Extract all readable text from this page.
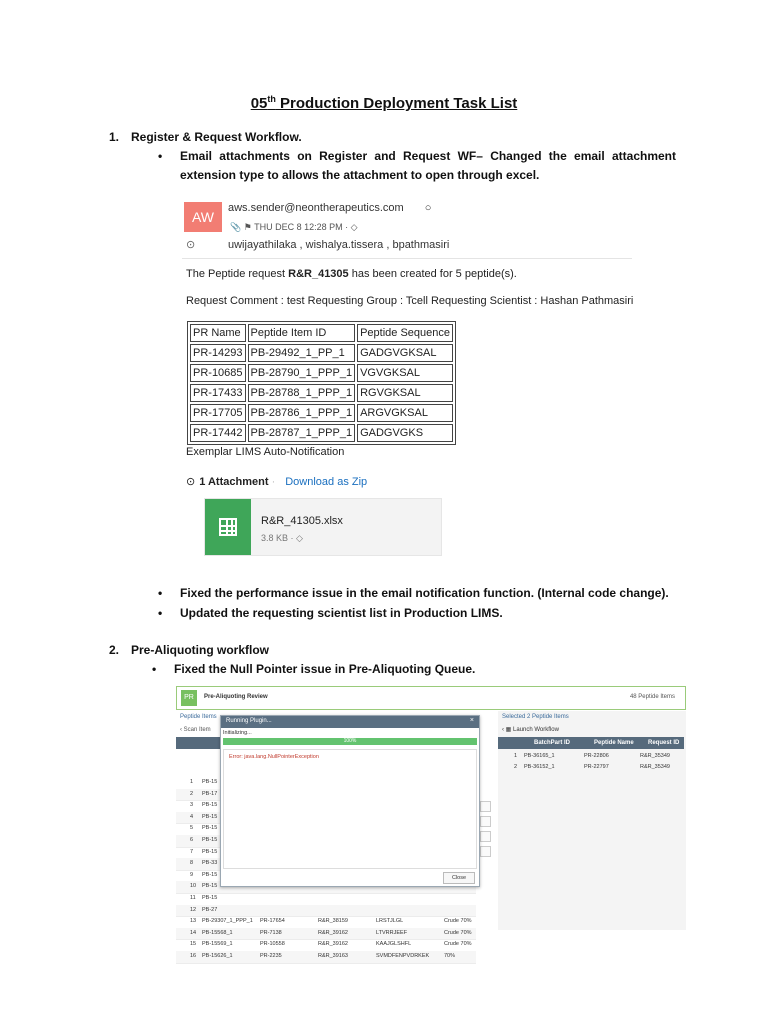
05th Production Deployment Task List
1. Register & Request Workflow.
• Email attachments on Register and Request WF– Changed the email attachment extension type to allows the attachment to open through excel.
AW
aws.sender@neontherapeutics.com ○
📎 ⚑ THU DEC 8 12:28 PM · ◇
⊙	uwijayathilaka , wishalya.tissera , bpathmasiri
The Peptide request R&R_41305 has been created for 5 peptide(s).
Request Comment : test Requesting Group : Tcell Requesting Scientist : Hashan Pathmasiri
PR Name	Peptide Item ID	Peptide Sequence
PR-14293	PB-29492_1_PP_1	GADGVGKSAL
PR-10685	PB-28790_1_PPP_1	VGVGKSAL
PR-17433	PB-28788_1_PPP_1	RGVGKSAL
PR-17705	PB-28786_1_PPP_1	ARGVGKSAL
PR-17442	PB-28787_1_PPP_1	GADGVGKS
Exemplar LIMS Auto-Notification
⊙ 1 Attachment · Download as Zip
R&R_41305.xlsx
3.8 KB · ◇
• Fixed the performance issue in the email notification function. (Internal code change).
• Updated the requesting scientist list in Production LIMS.
2. Pre-Aliquoting workflow
• Fixed the Null Pointer issue in Pre-Aliquoting Queue.
PR	Pre-Aliquoting Review	48 Peptide Items
Peptide Items
‹ Scan Item
1 PB-15
2 PB-17
3 PB-15
4 PB-15
5 PB-15
6 PB-15
7 PB-15
8 PB-33
9 PB-15
10 PB-15
11 PB-15
12 PB-27
13 PB-29307_1_PPP_1 PR-17654	R&R_38159	LRSTJLGL	Crude 70%
14 PB-15568_1	PR-7138	R&R_39162	LTVRRJEEF	Crude 70%
15 PB-15569_1	PR-10558	R&R_39162	KAAJGLSHFL	Crude 70%
16 PB-15626_1	PR-2235	R&R_39163	SVMDFENPVDRKEK	70%
Selected 2 Peptide Items
‹ ▦ Launch Workflow
BatchPart ID	Peptide Name Request ID
1 PB-36165_1	PR-22806	R&R_35349
2 PB-36152_1	PR-22797	R&R_35349
Running Plugin...	×
Initializing...
100%
Error: java.lang.NullPointerException
Close
